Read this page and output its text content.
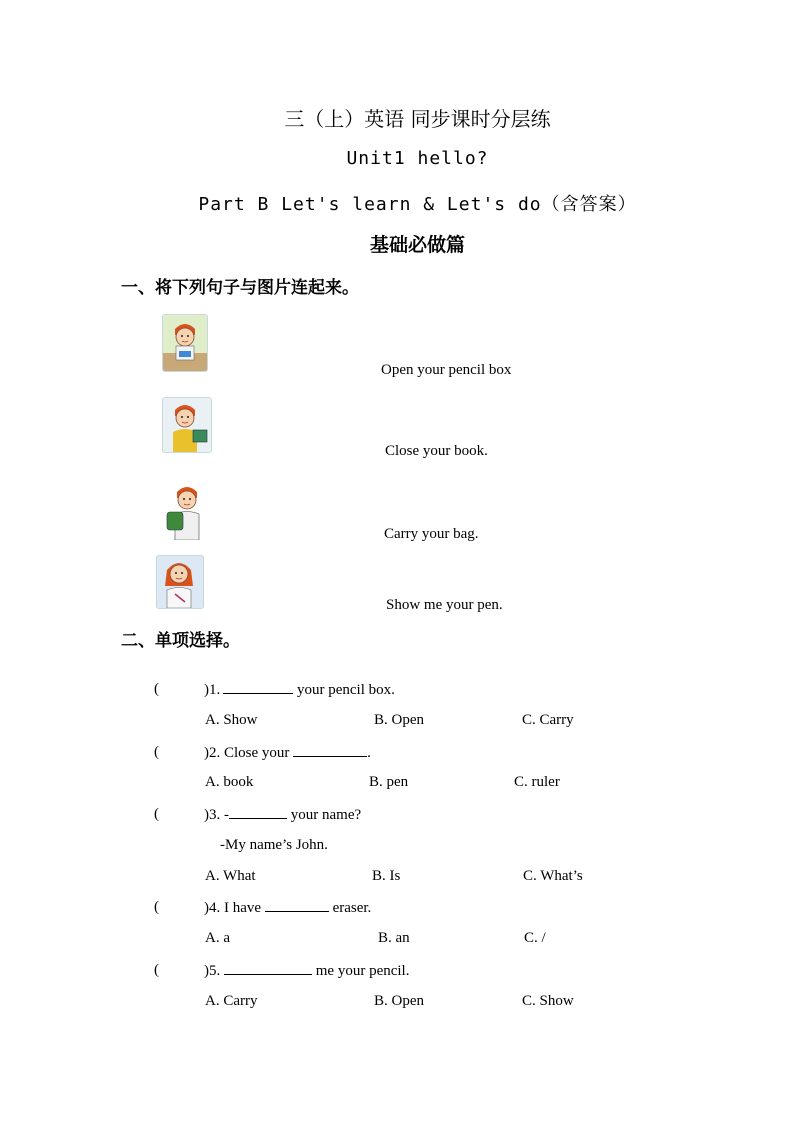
三（上）英语 同步课时分层练
Unit1 hello?
Part B Let's learn & Let's do（含答案）
基础必做篇
一、将下列句子与图片连起来。
Open your pencil box
Close your book.
Carry your bag.
Show me your pen.
二、单项选择。
(	)1.	your pencil box.
A. Show	B. Open	C. Carry
(	)2. Close your	.
A. book	B. pen	C. ruler
(	)3. -	your name?
-My name’s John.
A. What	B. Is	C. What’s
(	)4. I have	eraser.
A. a	B. an	C. /
(	)5.	me your pencil.
A. Carry	B. Open	C. Show
